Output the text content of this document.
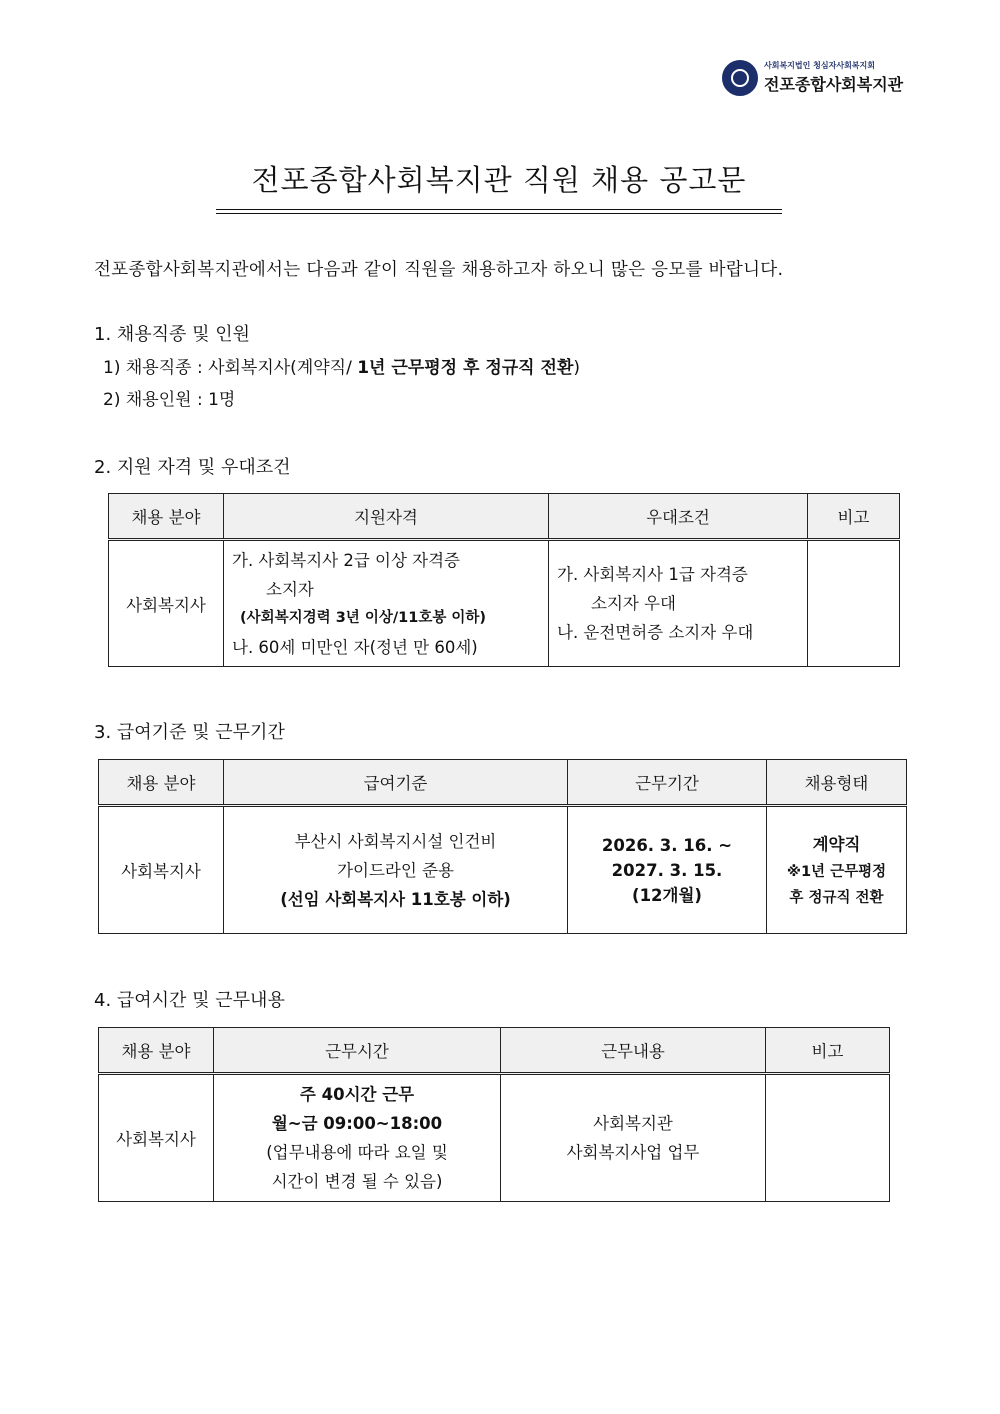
사회복지법인 청심자사회복지회
전포종합사회복지관
전포종합사회복지관 직원 채용 공고문
전포종합사회복지관에서는 다음과 같이 직원을 채용하고자 하오니 많은 응모를 바랍니다.
1. 채용직종 및 인원
1) 채용직종 : 사회복지사(계약직/ 1년 근무평정 후 정규직 전환)
2) 채용인원 : 1명
2. 지원 자격 및 우대조건
채용 분야	지원자격	우대조건	비고
사회복지사	가. 사회복지사 2급 이상 자격증
소지자
(사회복지경력 3년 이상/11호봉 이하)
나. 60세 미만인 자(정년 만 60세)	가. 사회복지사 1급 자격증
소지자 우대
나. 운전면허증 소지자 우대	

3. 급여기준 및 근무기간
채용 분야	급여기준	근무기간	채용형태
사회복지사	부산시 사회복지시설 인건비
가이드라인 준용
(선임 사회복지사 11호봉 이하)	2026. 3. 16. ~
2027. 3. 15.
(12개월)	계약직
※1년 근무평정
후 정규직 전환
4. 급여시간 및 근무내용
채용 분야	근무시간	근무내용	비고
사회복지사	주 40시간 근무
월~금 09:00~18:00
(업무내용에 따라 요일 및
시간이 변경 될 수 있음)	사회복지관
사회복지사업 업무	
